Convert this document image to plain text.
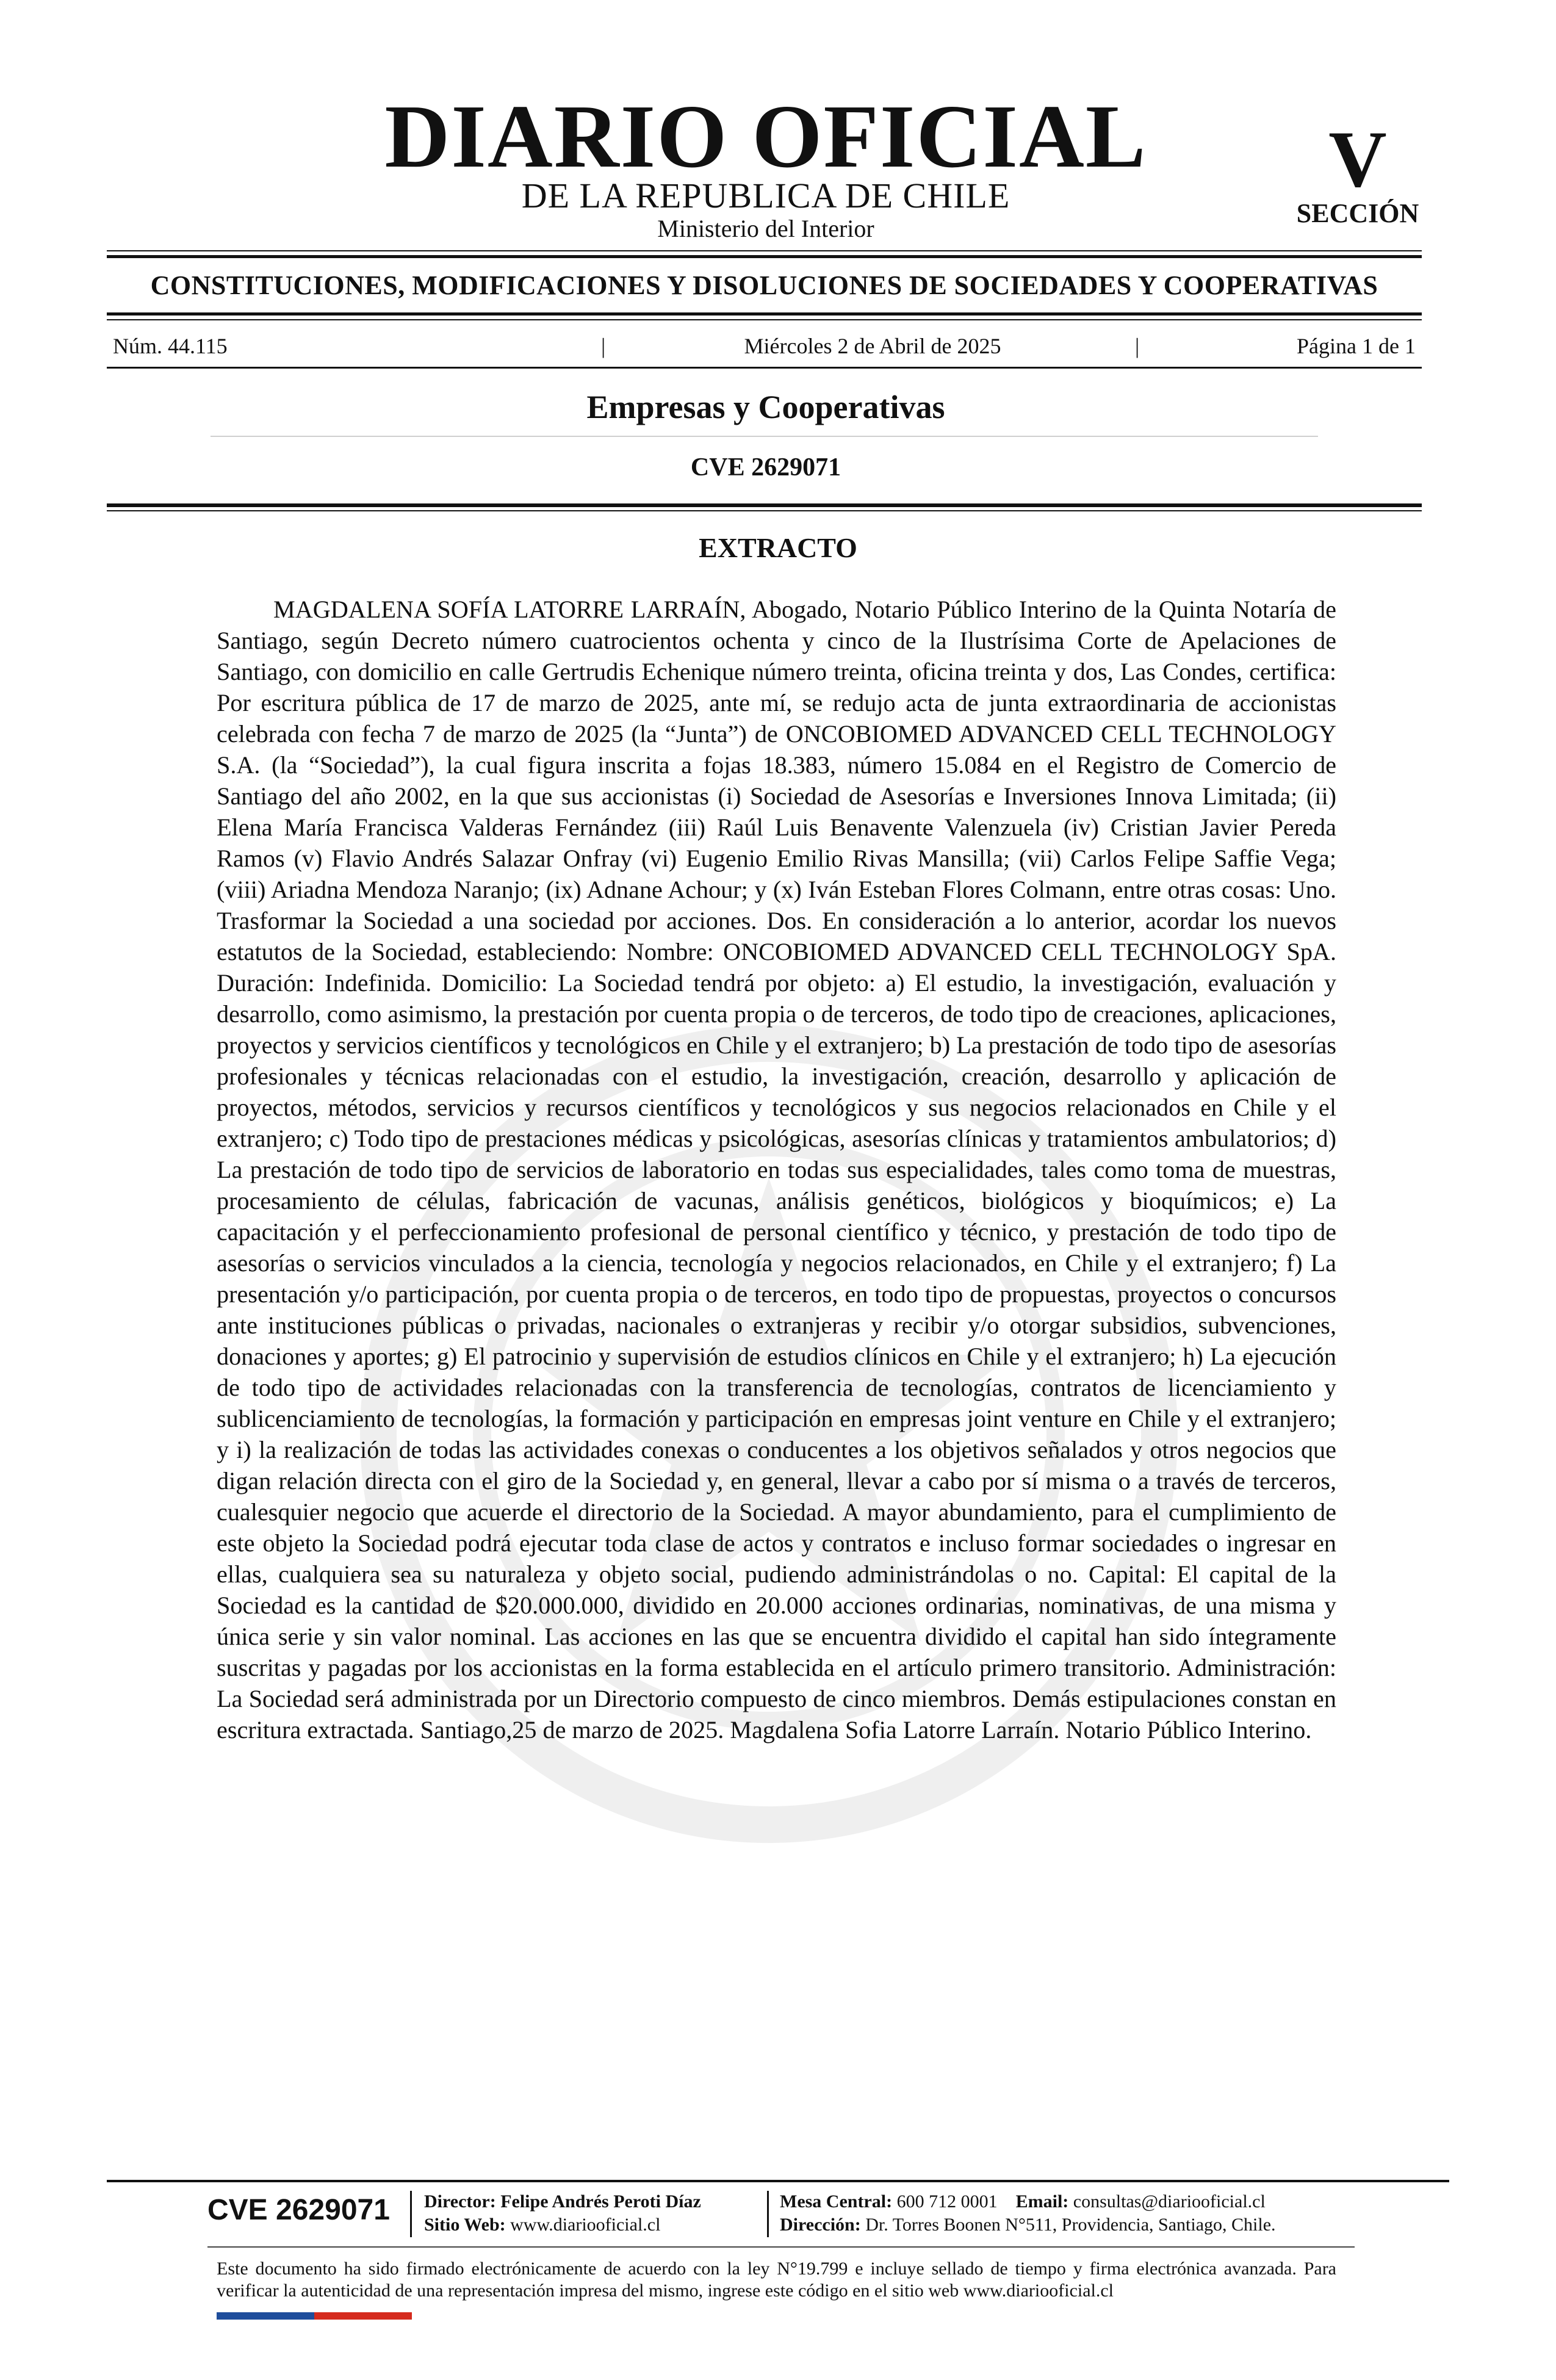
DIARIO OFICIAL
DE LA REPUBLICA DE CHILE
Ministerio del Interior
V
SECCIÓN
CONSTITUCIONES, MODIFICACIONES Y DISOLUCIONES DE SOCIEDADES Y COOPERATIVAS
Núm. 44.115	|	Miércoles 2 de Abril de 2025	|	Página 1 de 1
Empresas y Cooperativas
CVE 2629071
EXTRACTO
MAGDALENA SOFÍA LATORRE LARRAÍN, Abogado, Notario Público Interino de la Quinta Notaría de Santiago, según Decreto número cuatrocientos ochenta y cinco de la Ilustrísima Corte de Apelaciones de Santiago, con domicilio en calle Gertrudis Echenique número treinta, oficina treinta y dos, Las Condes, certifica: Por escritura pública de 17 de marzo de 2025, ante mí, se redujo acta de junta extraordinaria de accionistas celebrada con fecha 7 de marzo de 2025 (la “Junta”) de ONCOBIOMED ADVANCED CELL TECHNOLOGY S.A. (la “Sociedad”), la cual figura inscrita a fojas 18.383, número 15.084 en el Registro de Comercio de Santiago del año 2002, en la que sus accionistas (i) Sociedad de Asesorías e Inversiones Innova Limitada; (ii) Elena María Francisca Valderas Fernández (iii) Raúl Luis Benavente Valenzuela (iv) Cristian Javier Pereda Ramos (v) Flavio Andrés Salazar Onfray (vi) Eugenio Emilio Rivas Mansilla; (vii) Carlos Felipe Saffie Vega; (viii) Ariadna Mendoza Naranjo; (ix) Adnane Achour; y (x) Iván Esteban Flores Colmann, entre otras cosas: Uno. Trasformar la Sociedad a una sociedad por acciones. Dos. En consideración a lo anterior, acordar los nuevos estatutos de la Sociedad, estableciendo: Nombre: ONCOBIOMED ADVANCED CELL TECHNOLOGY SpA. Duración: Indefinida. Domicilio: La Sociedad tendrá por objeto: a) El estudio, la investigación, evaluación y desarrollo, como asimismo, la prestación por cuenta propia o de terceros, de todo tipo de creaciones, aplicaciones, proyectos y servicios científicos y tecnológicos en Chile y el extranjero; b) La prestación de todo tipo de asesorías profesionales y técnicas relacionadas con el estudio, la investigación, creación, desarrollo y aplicación de proyectos, métodos, servicios y recursos científicos y tecnológicos y sus negocios relacionados en Chile y el extranjero; c) Todo tipo de prestaciones médicas y psicológicas, asesorías clínicas y tratamientos ambulatorios; d) La prestación de todo tipo de servicios de laboratorio en todas sus especialidades, tales como toma de muestras, procesamiento de células, fabricación de vacunas, análisis genéticos, biológicos y bioquímicos; e) La capacitación y el perfeccionamiento profesional de personal científico y técnico, y prestación de todo tipo de asesorías o servicios vinculados a la ciencia, tecnología y negocios relacionados, en Chile y el extranjero; f) La presentación y/o participación, por cuenta propia o de terceros, en todo tipo de propuestas, proyectos o concursos ante instituciones públicas o privadas, nacionales o extranjeras y recibir y/o otorgar subsidios, subvenciones, donaciones y aportes; g) El patrocinio y supervisión de estudios clínicos en Chile y el extranjero; h) La ejecución de todo tipo de actividades relacionadas con la transferencia de tecnologías, contratos de licenciamiento y sublicenciamiento de tecnologías, la formación y participación en empresas joint venture en Chile y el extranjero; y i) la realización de todas las actividades conexas o conducentes a los objetivos señalados y otros negocios que digan relación directa con el giro de la Sociedad y, en general, llevar a cabo por sí misma o a través de terceros, cualesquier negocio que acuerde el directorio de la Sociedad. A mayor abundamiento, para el cumplimiento de este objeto la Sociedad podrá ejecutar toda clase de actos y contratos e incluso formar sociedades o ingresar en ellas, cualquiera sea su naturaleza y objeto social, pudiendo administrándolas o no. Capital: El capital de la Sociedad es la cantidad de $20.000.000, dividido en 20.000 acciones ordinarias, nominativas, de una misma y única serie y sin valor nominal. Las acciones en las que se encuentra dividido el capital han sido íntegramente suscritas y pagadas por los accionistas en la forma establecida en el artículo primero transitorio. Administración: La Sociedad será administrada por un Directorio compuesto de cinco miembros. Demás estipulaciones constan en escritura extractada. Santiago,25 de marzo de 2025. Magdalena Sofia Latorre Larraín. Notario Público Interino.
CVE 2629071	Director: Felipe Andrés Peroti Díaz
Sitio Web: www.diariooficial.cl
Mesa Central: 600 712 0001 Email: consultas@diariooficial.cl
Dirección: Dr. Torres Boonen N°511, Providencia, Santiago, Chile.
Este documento ha sido firmado electrónicamente de acuerdo con la ley N°19.799 e incluye sellado de tiempo y firma electrónica avanzada. Para verificar la autenticidad de una representación impresa del mismo, ingrese este código en el sitio web www.diariooficial.cl
